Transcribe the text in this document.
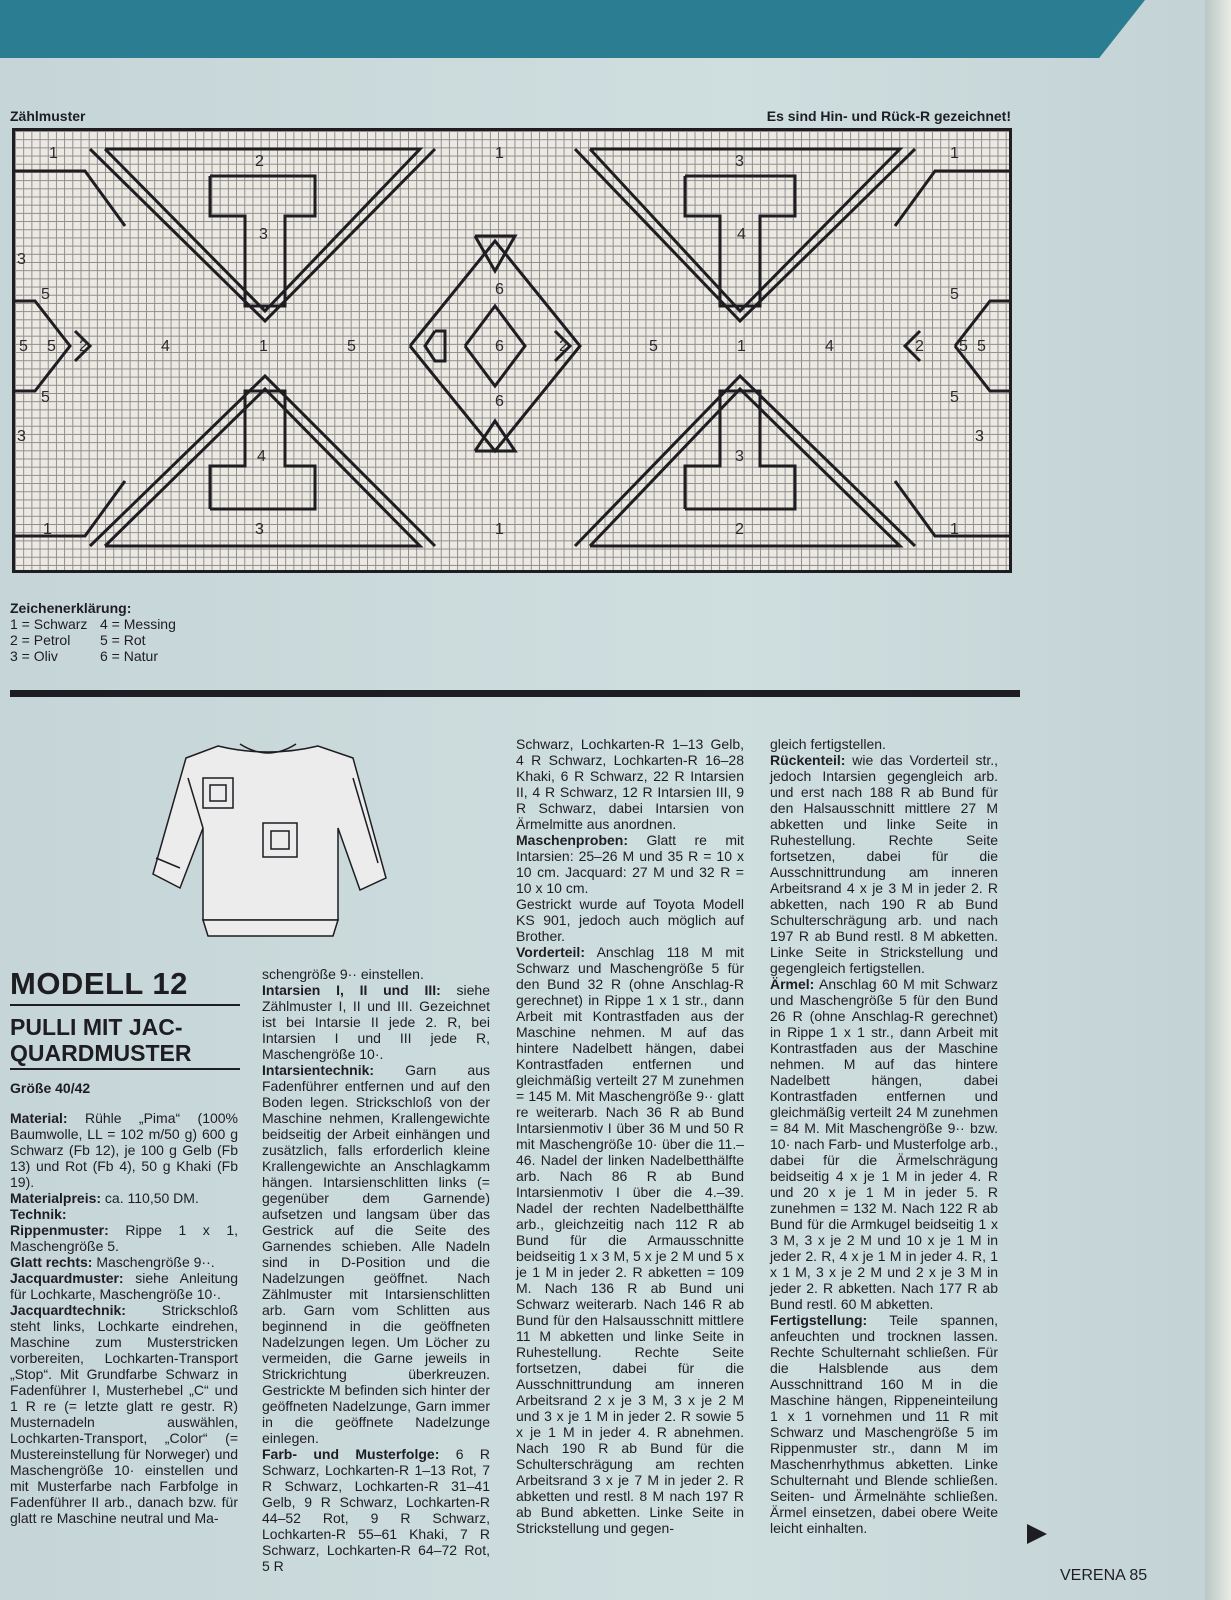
Zählmuster	Es sind Hin- und Rück-R gezeichnet!
1	2	1	3	1
3
3	4
5	5
6
5 5 2	4	1	5	6	2	5	1	4	2 5
5	6	5
5
3	3
4	3
1	3	1	2	1
Zeichenerklärung:
1 = Schwarz 4 = Messing
2 = Petrol	5 = Rot
3 = Oliv	6 = Natur
MODELL 12
PULLI MIT JAC-QUARDMUSTER
Größe 40/42

Material: Rühle „Pima“ (100% Baumwolle, LL = 102 m/50 g) 600 g Schwarz (Fb 12), je 100 g Gelb (Fb 13) und Rot (Fb 4), 50 g Khaki (Fb 19).

Materialpreis: ca. 110,50 DM.

Technik:

Rippenmuster: Rippe 1 x 1, Maschengröße 5.

Glatt rechts: Maschengröße 9··.

Jacquardmuster: siehe Anleitung für Lochkarte, Maschengröße 10·.

Jacquardtechnik: Strickschloß steht links, Lochkarte eindrehen, Maschine zum Musterstricken vorbereiten, Lochkarten-Transport „Stop“. Mit Grundfarbe Schwarz in Fadenführer I, Musterhebel „C“ und 1 R re (= letzte glatt re gestr. R) Musternadeln auswählen, Lochkarten-Transport, „Color“ (= Mustereinstellung für Norweger) und Maschengröße 10· einstellen und mit Musterfarbe nach Farbfolge in Fadenführer II arb., danach bzw. für glatt re Maschine neutral und Ma-

schengröße 9·· einstellen.

Intarsien I, II und III: siehe Zählmuster I, II und III. Gezeichnet ist bei Intarsie II jede 2. R, bei Intarsien I und III jede R, Maschengröße 10·.

Intarsientechnik: Garn aus Fadenführer entfernen und auf den Boden legen. Strickschloß von der Maschine nehmen, Krallengewichte beidseitig der Arbeit einhängen und zusätzlich, falls erforderlich kleine Krallengewichte an Anschlagkamm hängen. Intarsienschlitten links (= gegenüber dem Garnende) aufsetzen und langsam über das Gestrick auf die Seite des Garnendes schieben. Alle Nadeln sind in D-Position und die Nadelzungen geöffnet. Nach Zählmuster mit Intarsienschlitten arb. Garn vom Schlitten aus beginnend in die geöffneten Nadelzungen legen. Um Löcher zu vermeiden, die Garne jeweils in Strickrichtung überkreuzen. Gestrickte M befinden sich hinter der geöffneten Nadelzunge, Garn immer in die geöffnete Nadelzunge einlegen.

Farb- und Musterfolge: 6 R Schwarz, Lochkarten-R 1–13 Rot, 7 R Schwarz, Lochkarten-R 31–41 Gelb, 9 R Schwarz, Lochkarten-R 44–52 Rot, 9 R Schwarz, Lochkarten-R 55–61 Khaki, 7 R Schwarz, Lochkarten-R 64–72 Rot, 5 R

Schwarz, Lochkarten-R 1–13 Gelb, 4 R Schwarz, Lochkarten-R 16–28 Khaki, 6 R Schwarz, 22 R Intarsien II, 4 R Schwarz, 12 R Intarsien III, 9 R Schwarz, dabei Intarsien von Ärmelmitte aus anordnen.

Maschenproben: Glatt re mit Intarsien: 25–26 M und 35 R = 10 x 10 cm. Jacquard: 27 M und 32 R = 10 x 10 cm.

Gestrickt wurde auf Toyota Modell KS 901, jedoch auch möglich auf Brother.

Vorderteil: Anschlag 118 M mit Schwarz und Maschengröße 5 für den Bund 32 R (ohne Anschlag-R gerechnet) in Rippe 1 x 1 str., dann Arbeit mit Kontrastfaden aus der Maschine nehmen. M auf das hintere Nadelbett hängen, dabei Kontrastfaden entfernen und gleichmäßig verteilt 27 M zunehmen = 145 M. Mit Maschengröße 9·· glatt re weiterarb. Nach 36 R ab Bund Intarsienmotiv I über 36 M und 50 R mit Maschengröße 10· über die 11.–46. Nadel der linken Nadelbetthälfte arb. Nach 86 R ab Bund Intarsienmotiv I über die 4.–39. Nadel der rechten Nadelbetthälfte arb., gleichzeitig nach 112 R ab Bund für die Armausschnitte beidseitig 1 x 3 M, 5 x je 2 M und 5 x je 1 M in jeder 2. R abketten = 109 M. Nach 136 R ab Bund uni Schwarz weiterarb. Nach 146 R ab Bund für den Halsausschnitt mittlere 11 M abketten und linke Seite in Ruhestellung. Rechte Seite fortsetzen, dabei für die Ausschnittrundung am inneren Arbeitsrand 2 x je 3 M, 3 x je 2 M und 3 x je 1 M in jeder 2. R sowie 5 x je 1 M in jeder 4. R abnehmen. Nach 190 R ab Bund für die Schulterschrägung am rechten Arbeitsrand 3 x je 7 M in jeder 2. R abketten und restl. 8 M nach 197 R ab Bund abketten. Linke Seite in Strickstellung und gegen-

gleich fertigstellen.

Rückenteil: wie das Vorderteil str., jedoch Intarsien gegengleich arb. und erst nach 188 R ab Bund für den Halsausschnitt mittlere 27 M abketten und linke Seite in Ruhestellung. Rechte Seite fortsetzen, dabei für die Ausschnittrundung am inneren Arbeitsrand 4 x je 3 M in jeder 2. R abketten, nach 190 R ab Bund Schulterschrägung arb. und nach 197 R ab Bund restl. 8 M abketten. Linke Seite in Strickstellung und gegengleich fertigstellen.

Ärmel: Anschlag 60 M mit Schwarz und Maschengröße 5 für den Bund 26 R (ohne Anschlag-R gerechnet) in Rippe 1 x 1 str., dann Arbeit mit Kontrastfaden aus der Maschine nehmen. M auf das hintere Nadelbett hängen, dabei Kontrastfaden entfernen und gleichmäßig verteilt 24 M zunehmen = 84 M. Mit Maschengröße 9·· bzw. 10· nach Farb- und Musterfolge arb., dabei für die Ärmelschrägung beidseitig 4 x je 1 M in jeder 4. R und 20 x je 1 M in jeder 5. R zunehmen = 132 M. Nach 122 R ab Bund für die Armkugel beidseitig 1 x 3 M, 3 x je 2 M und 10 x je 1 M in jeder 2. R, 4 x je 1 M in jeder 4. R, 1 x 1 M, 3 x je 2 M und 2 x je 3 M in jeder 2. R abketten. Nach 177 R ab Bund restl. 60 M abketten.

Fertigstellung: Teile spannen, anfeuchten und trocknen lassen. Rechte Schulternaht schließen. Für die Halsblende aus dem Ausschnittrand 160 M in die Maschine hängen, Rippeneinteilung 1 x 1 vornehmen und 11 R mit Schwarz und Maschengröße 5 im Rippenmuster str., dann M im Maschenrhythmus abketten. Linke Schulternaht und Blende schließen. Seiten- und Ärmelnähte schließen. Ärmel einsetzen, dabei obere Weite leicht einhalten.

VERENA 85
